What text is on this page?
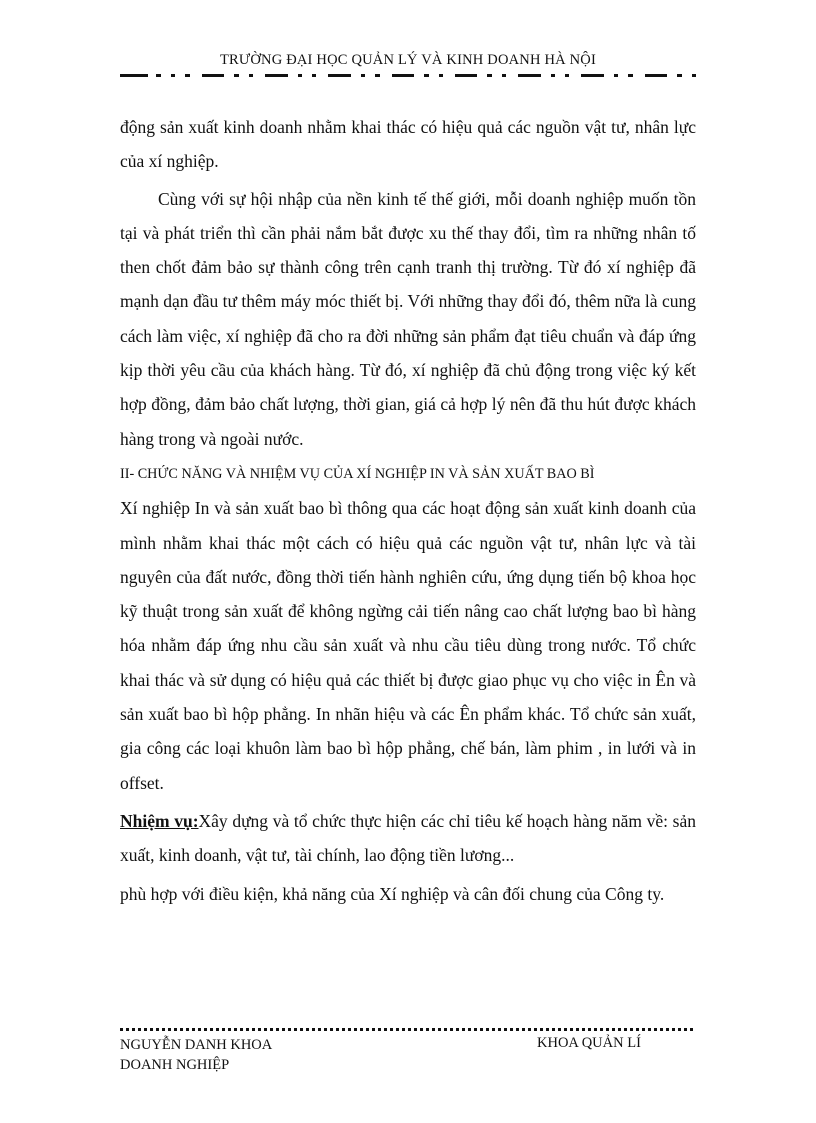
TRƯỜNG ĐẠI HỌC QUẢN LÝ VÀ KINH DOANH HÀ NỘI

động sản xuất kinh doanh nhằm khai thác có hiệu quả các nguồn vật tư, nhân lực của xí nghiệp.

Cùng với sự hội nhập của nền kinh tế thế giới, mỗi doanh nghiệp muốn tồn tại và phát triển thì cần phải nắm bắt được xu thế thay đổi, tìm ra những nhân tố then chốt đảm bảo sự thành công trên cạnh tranh thị trường. Từ đó xí nghiệp đã mạnh dạn đầu tư thêm máy móc thiết bị. Với những thay đổi đó, thêm nữa là cung cách làm việc, xí nghiệp đã cho ra đời những sản phẩm đạt tiêu chuẩn và đáp ứng kịp thời yêu cầu của khách hàng. Từ đó, xí nghiệp đã chủ động trong việc ký kết hợp đồng, đảm bảo chất lượng, thời gian, giá cả hợp lý nên đã thu hút được khách hàng trong và ngoài nước.

II- CHỨC NĂNG VÀ NHIỆM VỤ CỦA XÍ NGHIỆP IN VÀ SẢN XUẤT BAO BÌ

Xí nghiệp In và sản xuất bao bì thông qua các hoạt động sản xuất kinh doanh của mình nhằm khai thác một cách có hiệu quả các nguồn vật tư, nhân lực và tài nguyên của đất nước, đồng thời tiến hành nghiên cứu, ứng dụng tiến bộ khoa học kỹ thuật trong sản xuất để không ngừng cải tiến nâng cao chất lượng bao bì hàng hóa nhằm đáp ứng nhu cầu sản xuất và nhu cầu tiêu dùng trong nước. Tổ chức khai thác và sử dụng có hiệu quả các thiết bị được giao phục vụ cho việc in Ên và sản xuất bao bì hộp phẳng. In nhãn hiệu và các Ên phẩm khác. Tổ chức sản xuất, gia công các loại khuôn làm bao bì hộp phẳng, chế bán, làm phim , in lưới và in offset.

Nhiệm vụ:Xây dựng và tổ chức thực hiện các chỉ tiêu kế hoạch hàng năm về: sản xuất, kinh doanh, vật tư, tài chính, lao động tiền lương...

phù hợp với điều kiện, khả năng của Xí nghiệp và cân đối chung của Công ty.

NGUYỄN DANH KHOA
DOANH NGHIỆP
KHOA QUẢN LÍ
